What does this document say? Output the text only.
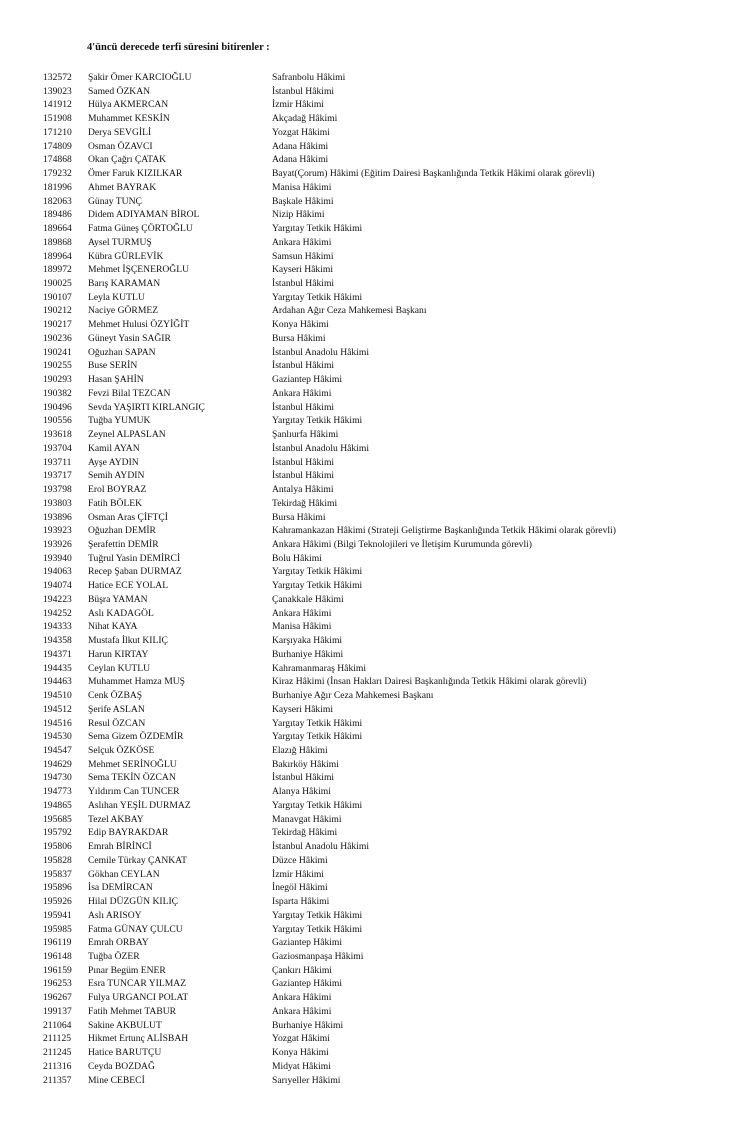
4'üncü derecede terfi süresini bitirenler :
132572 Şakir Ömer KARCIOĞLU	Safranbolu Hâkimi
139023 Samed ÖZKAN	İstanbul Hâkimi
141912 Hülya AKMERCAN	İzmir Hâkimi
151908 Muhammet KESKİN	Akçadağ Hâkimi
171210 Derya SEVGİLİ	Yozgat Hâkimi
174809 Osman ÖZAVCI	Adana Hâkimi
174868 Okan Çağrı ÇATAK	Adana Hâkimi
179232 Ömer Faruk KIZILKAR	Bayat(Çorum) Hâkimi (Eğitim Dairesi Başkanlığında Tetkik Hâkimi olarak görevli)
181996 Ahmet BAYRAK	Manisa Hâkimi
182063 Günay TUNÇ	Başkale Hâkimi
189486 Didem ADIYAMAN BİROL	Nizip Hâkimi
189664 Fatma Güneş ÇÖRTOĞLU	Yargıtay Tetkik Hâkimi
189868 Aysel TURMUŞ	Ankara Hâkimi
189964 Kübra GÜRLEVİK	Samsun Hâkimi
189972 Mehmet İŞÇENEROĞLU	Kayseri Hâkimi
190025 Barış KARAMAN	İstanbul Hâkimi
190107 Leyla KUTLU	Yargıtay Tetkik Hâkimi
190212 Naciye GÖRMEZ	Ardahan Ağır Ceza Mahkemesi Başkanı
190217 Mehmet Hulusi ÖZYİĞİT	Konya Hâkimi
190236 Güneyt Yasin SAĞIR	Bursa Hâkimi
190241 Oğuzhan SAPAN	İstanbul Anadolu Hâkimi
190255 Buse SERİN	İstanbul Hâkimi
190293 Hasan ŞAHİN	Gaziantep Hâkimi
190382 Fevzi Bilal TEZCAN	Ankara Hâkimi
190496 Sevda YAŞIRTI KIRLANGIÇ	İstanbul Hâkimi
190556 Tuğba YUMUK	Yargıtay Tetkik Hâkimi
193618 Zeynel ALPASLAN	Şanlıurfa Hâkimi
193704 Kamil AYAN	İstanbul Anadolu Hâkimi
193711 Ayşe AYDIN	İstanbul Hâkimi
193717 Semih AYDIN	İstanbul Hâkimi
193798 Erol BOYRAZ	Antalya Hâkimi
193803 Fatih BÖLEK	Tekirdağ Hâkimi
193896 Osman Aras ÇİFTÇİ	Bursa Hâkimi
193923 Oğuzhan DEMİR	Kahramankazan Hâkimi (Strateji Geliştirme Başkanlığında Tetkik Hâkimi olarak görevli)
193926 Şerafettin DEMİR	Ankara Hâkimi (Bilgi Teknolojileri ve İletişim Kurumunda görevli)
193940 Tuğrul Yasin DEMİRCİ	Bolu Hâkimi
194063 Recep Şaban DURMAZ	Yargıtay Tetkik Hâkimi
194074 Hatice ECE YOLAL	Yargıtay Tetkik Hâkimi
194223 Büşra YAMAN	Çanakkale Hâkimi
194252 Aslı KADAGÖL	Ankara Hâkimi
194333 Nihat KAYA	Manisa Hâkimi
194358 Mustafa İlkut KILIÇ	Karşıyaka Hâkimi
194371 Harun KIRTAY	Burhaniye Hâkimi
194435 Ceylan KUTLU	Kahramanmaraş Hâkimi
194463 Muhammet Hamza MUŞ	Kiraz Hâkimi (İnsan Hakları Dairesi Başkanlığında Tetkik Hâkimi olarak görevli)
194510 Cenk ÖZBAŞ	Burhaniye Ağır Ceza Mahkemesi Başkanı
194512 Şerife ASLAN	Kayseri Hâkimi
194516 Resul ÖZCAN	Yargıtay Tetkik Hâkimi
194530 Sema Gizem ÖZDEMİR	Yargıtay Tetkik Hâkimi
194547 Selçuk ÖZKÖSE	Elazığ Hâkimi
194629 Mehmet SERİNOĞLU	Bakırköy Hâkimi
194730 Sema TEKİN ÖZCAN	İstanbul Hâkimi
194773 Yıldırım Can TUNCER	Alanya Hâkimi
194865 Aslıhan YEŞİL DURMAZ	Yargıtay Tetkik Hâkimi
195685 Tezel AKBAY	Manavgat Hâkimi
195792 Edip BAYRAKDAR	Tekirdağ Hâkimi
195806 Emrah BİRİNCİ	İstanbul Anadolu Hâkimi
195828 Cemile Türkay ÇANKAT	Düzce Hâkimi
195837 Gökhan CEYLAN	İzmir Hâkimi
195896 İsa DEMİRCAN	İnegöl Hâkimi
195926 Hilal DÜZGÜN KILIÇ	Isparta Hâkimi
195941 Aslı ARISOY	Yargıtay Tetkik Hâkimi
195985 Fatma GÜNAY ÇULCU	Yargıtay Tetkik Hâkimi
196119 Emrah ORBAY	Gaziantep Hâkimi
196148 Tuğba ÖZER	Gaziosmanpaşa Hâkimi
196159 Pınar Begüm ENER	Çankırı Hâkimi
196253 Esra TUNCAR YILMAZ	Gaziantep Hâkimi
196267 Fulya URGANCI POLAT	Ankara Hâkimi
199137 Fatih Mehmet TABUR	Ankara Hâkimi
211064 Sakine AKBULUT	Burhaniye Hâkimi
211125 Hikmet Ertunç ALİSBAH	Yozgat Hâkimi
211245 Hatice BARUTÇU	Konya Hâkimi
211316 Ceyda BOZDAĞ	Midyat Hâkimi
211357 Mine CEBECİ	Sarıyeller Hâkimi
